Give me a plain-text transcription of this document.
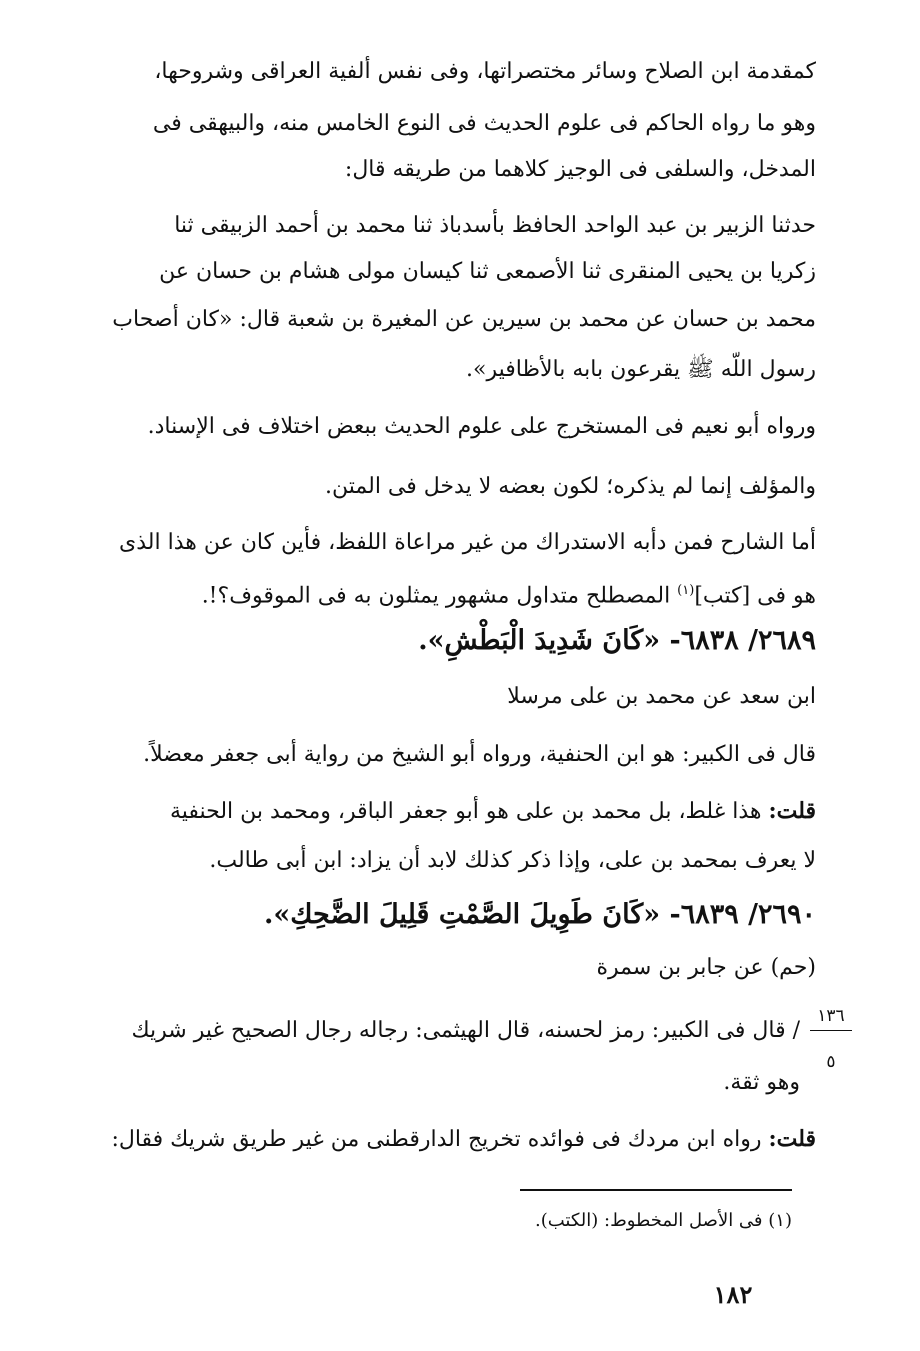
كمقدمة ابن الصلاح وسائر مختصراتها، وفى نفس ألفية العراقى وشروحها،
وهو ما رواه الحاكم فى علوم الحديث فى النوع الخامس منه، والبيهقى فى
المدخل، والسلفى فى الوجيز كلاهما من طريقه قال:
حدثنا الزبير بن عبد الواحد الحافظ بأسدباذ ثنا محمد بن أحمد الزبيقى ثنا
زكريا بن يحيى المنقرى ثنا الأصمعى ثنا كيسان مولى هشام بن حسان عن
محمد بن حسان عن محمد بن سيرين عن المغيرة بن شعبة قال: «كان أصحاب
رسول اللّه ﷺ يقرعون بابه بالأظافير».
ورواه أبو نعيم فى المستخرج على علوم الحديث ببعض اختلاف فى الإسناد.
والمؤلف إنما لم يذكره؛ لكون بعضه لا يدخل فى المتن.
أما الشارح فمن دأبه الاستدراك من غير مراعاة اللفظ، فأين كان عن هذا الذى
هو فى [كتب]$^{(١)}$ المصطلح متداول مشهور يمثلون به فى الموقوف؟!.
٢٦٨٩/ ٦٨٣٨- «كَانَ شَدِيدَ الْبَطْشِ».
ابن سعد عن محمد بن على مرسلا
قال فى الكبير: هو ابن الحنفية، ورواه أبو الشيخ من رواية أبى جعفر معضلاً.
قلت: هذا غلط، بل محمد بن على هو أبو جعفر الباقر، ومحمد بن الحنفية
لا يعرف بمحمد بن على، وإذا ذكر كذلك لابد أن يزاد: ابن أبى طالب.
٢٦٩٠/ ٦٨٣٩- «كَانَ طَوِيلَ الصَّمْتِ قَلِيلَ الضَّحِكِ».
(حم) عن جابر بن سمرة
١٣٦
٥
/ قال فى الكبير: رمز لحسنه، قال الهيثمى: رجاله رجال الصحيح غير شريك
وهو ثقة.
قلت: رواه ابن مردك فى فوائده تخريج الدارقطنى من غير طريق شريك فقال:
(١) فى الأصل المخطوط: (الكتب).
١٨٢
